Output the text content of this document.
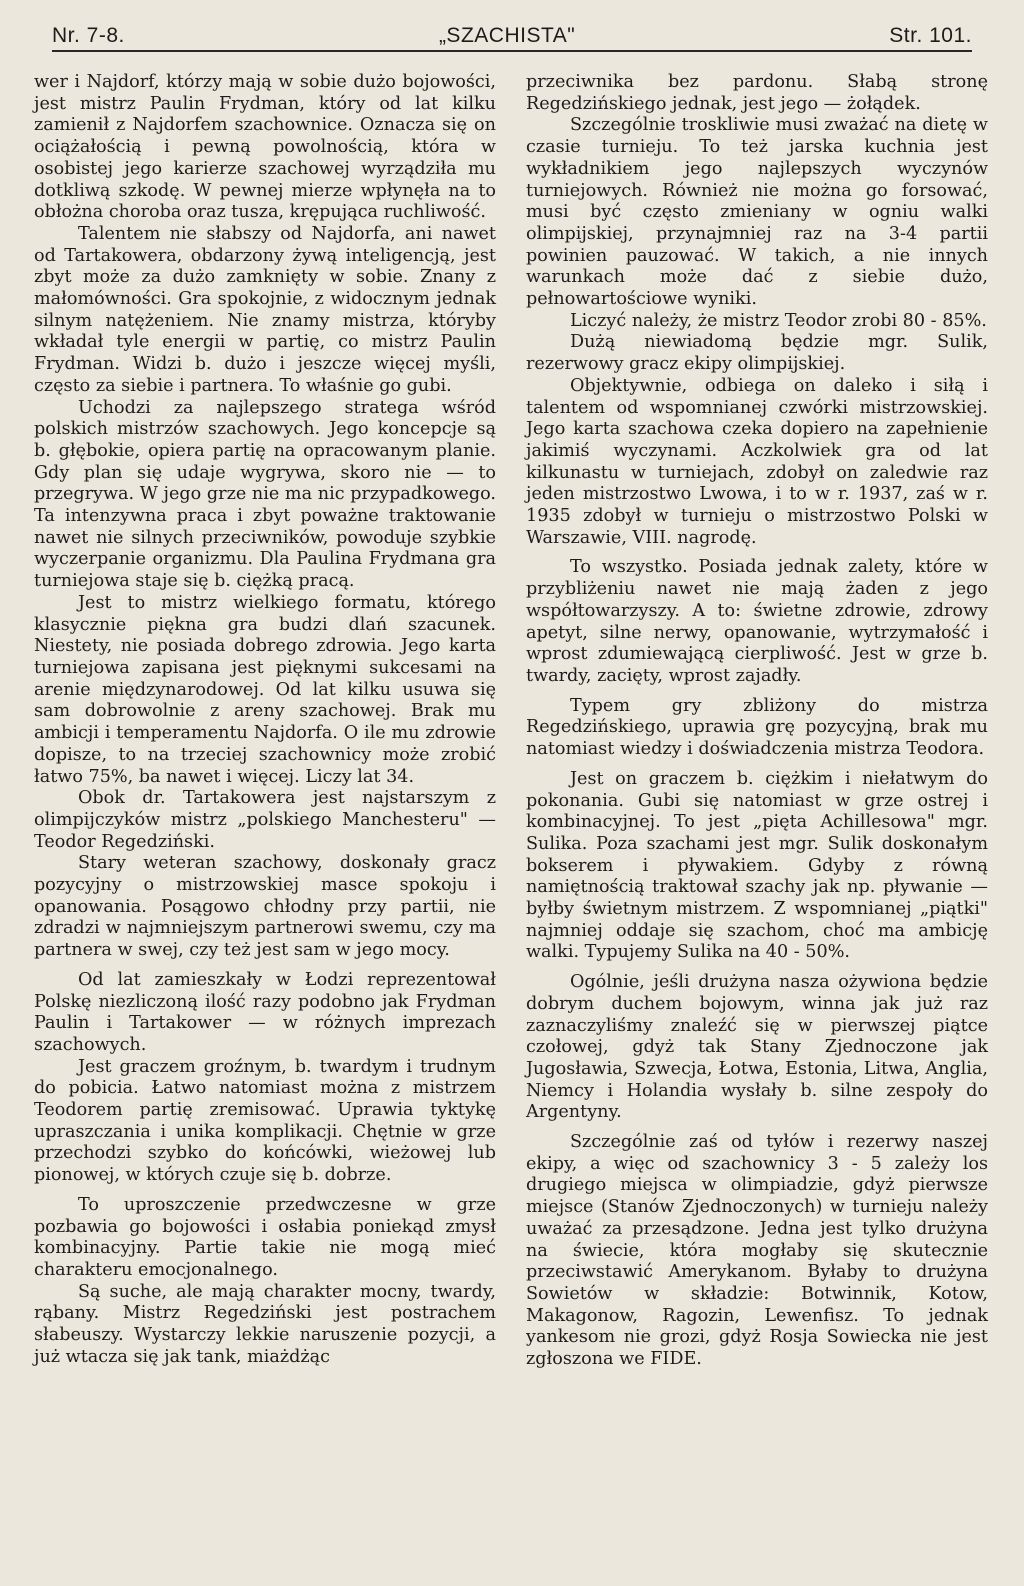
Nr. 7-8.	„SZACHISTA"	Str. 101.

wer i Najdorf, którzy mają w sobie dużo bojowości, jest mistrz Paulin Frydman, który od lat kilku zamienił z Najdorfem szachownice. Oznacza się on ociążałością i pewną powolnością, która w osobistej jego karierze szachowej wyrządziła mu dotkliwą szkodę. W pewnej mierze wpłynęła na to obłożna choroba oraz tusza, krępująca ruchliwość.

Talentem nie słabszy od Najdorfa, ani nawet od Tartakowera, obdarzony żywą inteligencją, jest zbyt może za dużo zamknięty w sobie. Znany z małomówności. Gra spokojnie, z widocznym jednak silnym natężeniem. Nie znamy mistrza, któryby wkładał tyle energii w partię, co mistrz Paulin Frydman. Widzi b. dużo i jeszcze więcej myśli, często za siebie i partnera. To właśnie go gubi.

Uchodzi za najlepszego stratega wśród polskich mistrzów szachowych. Jego koncepcje są b. głębokie, opiera partię na opracowanym planie. Gdy plan się udaje wygrywa, skoro nie — to przegrywa. W jego grze nie ma nic przypadkowego. Ta intenzywna praca i zbyt poważne traktowanie nawet nie silnych przeciwników, powoduje szybkie wyczerpanie organizmu. Dla Paulina Frydmana gra turniejowa staje się b. ciężką pracą.

Jest to mistrz wielkiego formatu, którego klasycznie piękna gra budzi dlań szacunek. Niestety, nie posiada dobrego zdrowia. Jego karta turniejowa zapisana jest pięknymi sukcesami na arenie międzynarodowej. Od lat kilku usuwa się sam dobrowolnie z areny szachowej. Brak mu ambicji i temperamentu Najdorfa. O ile mu zdrowie dopisze, to na trzeciej szachownicy może zrobić łatwo 75%, ba nawet i więcej. Liczy lat 34.

Obok dr. Tartakowera jest najstarszym z olimpijczyków mistrz „polskiego Manchesteru" — Teodor Regedziński.

Stary weteran szachowy, doskonały gracz pozycyjny o mistrzowskiej masce spokoju i opanowania. Posągowo chłodny przy partii, nie zdradzi w najmniejszym partnerowi swemu, czy ma partnera w swej, czy też jest sam w jego mocy.

Od lat zamieszkały w Łodzi reprezentował Polskę niezliczoną ilość razy podobno jak Frydman Paulin i Tartakower — w różnych imprezach szachowych.

Jest graczem groźnym, b. twardym i trudnym do pobicia. Łatwo natomiast można z mistrzem Teodorem partię zremisować. Uprawia tyktykę upraszczania i unika komplikacji. Chętnie w grze przechodzi szybko do końcówki, wieżowej lub pionowej, w których czuje się b. dobrze.

To uproszczenie przedwczesne w grze pozbawia go bojowości i osłabia poniekąd zmysł kombinacyjny. Partie takie nie mogą mieć charakteru emocjonalnego.

Są suche, ale mają charakter mocny, twardy, rąbany. Mistrz Regedziński jest postrachem słabeuszy. Wystarczy lekkie naruszenie pozycji, a już wtacza się jak tank, miażdżąc

przeciwnika bez pardonu. Słabą stronę Regedzińskiego jednak, jest jego — żołądek.

Szczególnie troskliwie musi zważać na dietę w czasie turnieju. To też jarska kuchnia jest wykładnikiem jego najlepszych wyczynów turniejowych. Również nie można go forsować, musi być często zmieniany w ogniu walki olimpijskiej, przynajmniej raz na 3-4 partii powinien pauzować. W takich, a nie innych warunkach może dać z siebie dużo, pełnowartościowe wyniki.

Liczyć należy, że mistrz Teodor zrobi 80 - 85%.

Dużą niewiadomą będzie mgr. Sulik, rezerwowy gracz ekipy olimpijskiej.

Objektywnie, odbiega on daleko i siłą i talentem od wspomnianej czwórki mistrzowskiej. Jego karta szachowa czeka dopiero na zapełnienie jakimiś wyczynami. Aczkolwiek gra od lat kilkunastu w turniejach, zdobył on zaledwie raz jeden mistrzostwo Lwowa, i to w r. 1937, zaś w r. 1935 zdobył w turnieju o mistrzostwo Polski w Warszawie, VIII. nagrodę.

To wszystko. Posiada jednak zalety, które w przybliżeniu nawet nie mają żaden z jego współtowarzyszy. A to: świetne zdrowie, zdrowy apetyt, silne nerwy, opanowanie, wytrzymałość i wprost zdumiewającą cierpliwość. Jest w grze b. twardy, zacięty, wprost zajadły.

Typem gry zbliżony do mistrza Regedzińskiego, uprawia grę pozycyjną, brak mu natomiast wiedzy i doświadczenia mistrza Teodora.

Jest on graczem b. ciężkim i niełatwym do pokonania. Gubi się natomiast w grze ostrej i kombinacyjnej. To jest „pięta Achillesowa" mgr. Sulika. Poza szachami jest mgr. Sulik doskonałym bokserem i pływakiem. Gdyby z równą namiętnością traktował szachy jak np. pływanie — byłby świetnym mistrzem. Z wspomnianej „piątki" najmniej oddaje się szachom, choć ma ambicję walki. Typujemy Sulika na 40 - 50%.

Ogólnie, jeśli drużyna nasza ożywiona będzie dobrym duchem bojowym, winna jak już raz zaznaczyliśmy znaleźć się w pierwszej piątce czołowej, gdyż tak Stany Zjednoczone jak Jugosławia, Szwecja, Łotwa, Estonia, Litwa, Anglia, Niemcy i Holandia wysłały b. silne zespoły do Argentyny.

Szczególnie zaś od tyłów i rezerwy naszej ekipy, a więc od szachownicy 3 - 5 zależy los drugiego miejsca w olimpiadzie, gdyż pierwsze miejsce (Stanów Zjednoczonych) w turnieju należy uważać za przesądzone. Jedna jest tylko drużyna na świecie, która mogłaby się skutecznie przeciwstawić Amerykanom. Byłaby to drużyna Sowietów w składzie: Botwinnik, Kotow, Makagonow, Ragozin, Lewenfisz. To jednak yankesom nie grozi, gdyż Rosja Sowiecka nie jest zgłoszona we FIDE.
